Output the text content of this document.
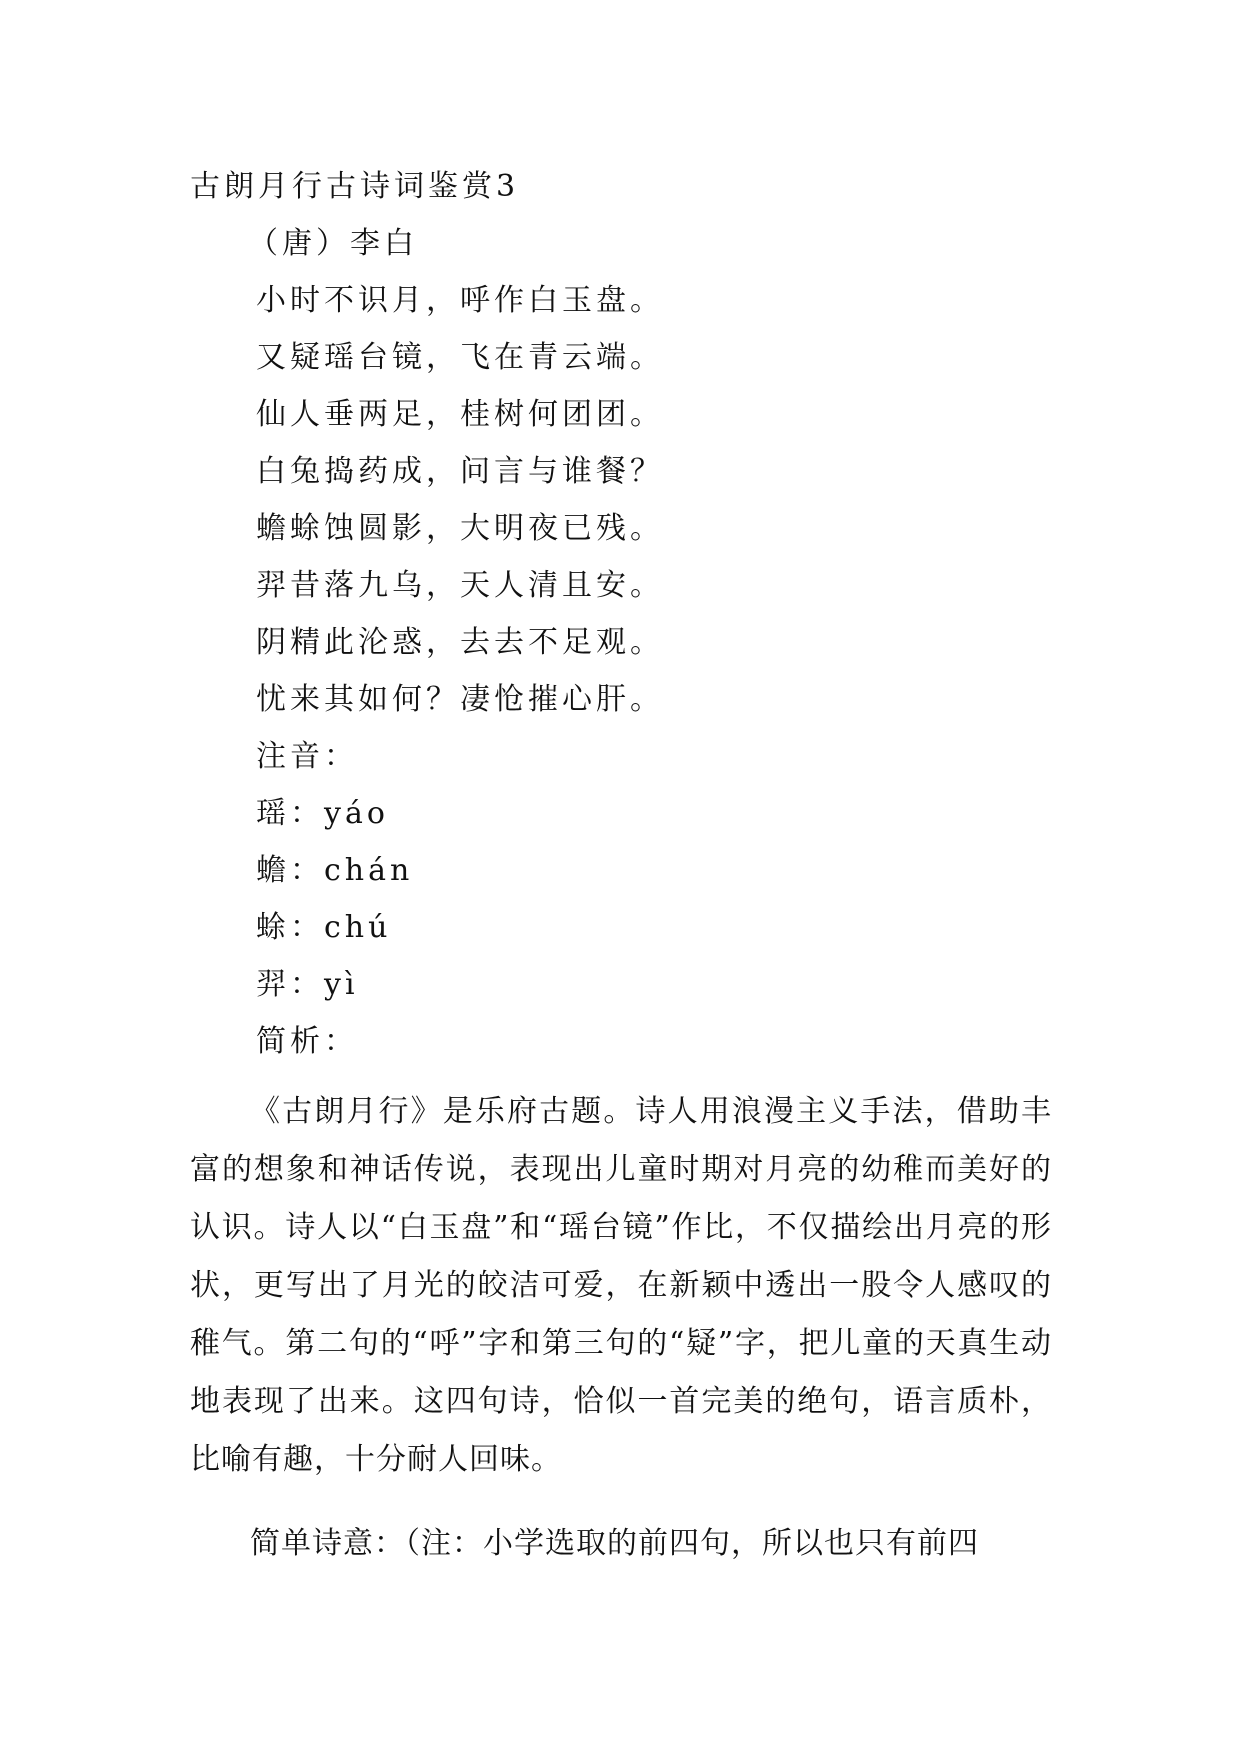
古朗月行古诗词鉴赏3
（唐）李白
小时不识月，呼作白玉盘。
又疑瑶台镜，飞在青云端。
仙人垂两足，桂树何团团。
白兔捣药成，问言与谁餐？
蟾蜍蚀圆影，大明夜已残。
羿昔落九乌，天人清且安。
阴精此沦惑，去去不足观。
忧来其如何？凄怆摧心肝。
注音：
瑶：yáo
蟾：chán
蜍：chú
羿：yì
简析：
《古朗月行》是乐府古题。诗人用浪漫主义手法，借助丰富的想象和神话传说，表现出儿童时期对月亮的幼稚而美好的认识。诗人以“白玉盘”和“瑶台镜”作比，不仅描绘出月亮的形状，更写出了月光的皎洁可爱，在新颖中透出一股令人感叹的稚气。第二句的“呼”字和第三句的“疑”字，把儿童的天真生动地表现了出来。这四句诗，恰似一首完美的绝句，语言质朴，比喻有趣，十分耐人回味。
简单诗意：（注：小学选取的前四句，所以也只有前四
